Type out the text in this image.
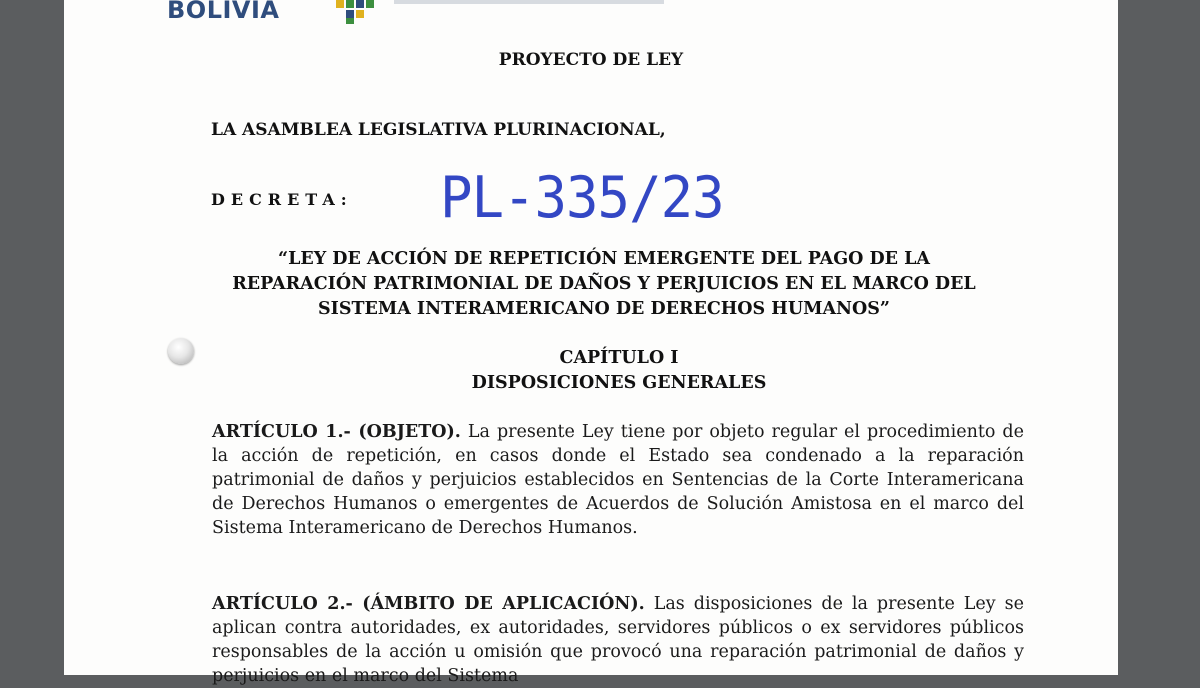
BOLIVIA
PROYECTO DE LEY
LA ASAMBLEA LEGISLATIVA PLURINACIONAL,
DECRETA: PL-335/23
“LEY DE ACCIÓN DE REPETICIÓN EMERGENTE DEL PAGO DE LA
REPARACIÓN PATRIMONIAL DE DAÑOS Y PERJUICIOS EN EL MARCO DEL
SISTEMA INTERAMERICANO DE DERECHOS HUMANOS”
CAPÍTULO I
DISPOSICIONES GENERALES
ARTÍCULO 1.- (OBJETO). La presente Ley tiene por objeto regular el procedimiento de la acción de repetición, en casos donde el Estado sea condenado a la reparación patrimonial de daños y perjuicios establecidos en Sentencias de la Corte Interamericana de Derechos Humanos o emergentes de Acuerdos de Solución Amistosa en el marco del Sistema Interamericano de Derechos Humanos.
ARTÍCULO 2.- (ÁMBITO DE APLICACIÓN). Las disposiciones de la presente Ley se aplican contra autoridades, ex autoridades, servidores públicos o ex servidores públicos responsables de la acción u omisión que provocó una reparación patrimonial de daños y perjuicios en el marco del Sistema
